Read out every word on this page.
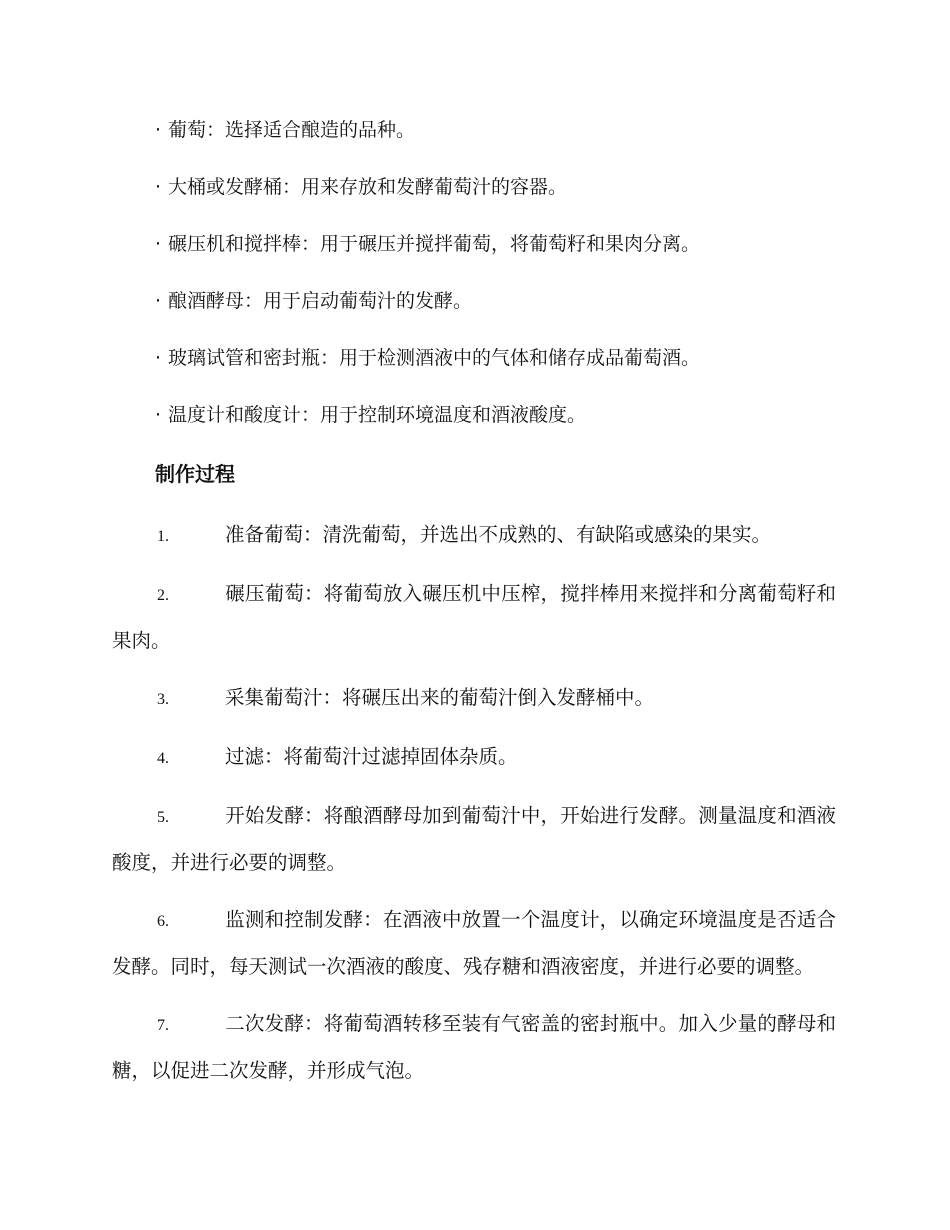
· 葡萄：选择适合酿造的品种。
· 大桶或发酵桶：用来存放和发酵葡萄汁的容器。
· 碾压机和搅拌棒：用于碾压并搅拌葡萄，将葡萄籽和果肉分离。
· 酿酒酵母：用于启动葡萄汁的发酵。
· 玻璃试管和密封瓶：用于检测酒液中的气体和储存成品葡萄酒。
· 温度计和酸度计：用于控制环境温度和酒液酸度。
制作过程
1.	准备葡萄：清洗葡萄，并选出不成熟的、有缺陷或感染的果实。
2.	碾压葡萄：将葡萄放入碾压机中压榨，搅拌棒用来搅拌和分离葡萄籽和果肉。
3.	采集葡萄汁：将碾压出来的葡萄汁倒入发酵桶中。
4.	过滤：将葡萄汁过滤掉固体杂质。
5.	开始发酵：将酿酒酵母加到葡萄汁中，开始进行发酵。测量温度和酒液酸度，并进行必要的调整。
6.	监测和控制发酵：在酒液中放置一个温度计，以确定环境温度是否适合发酵。同时，每天测试一次酒液的酸度、残存糖和酒液密度，并进行必要的调整。
7.	二次发酵：将葡萄酒转移至装有气密盖的密封瓶中。加入少量的酵母和糖，以促进二次发酵，并形成气泡。
